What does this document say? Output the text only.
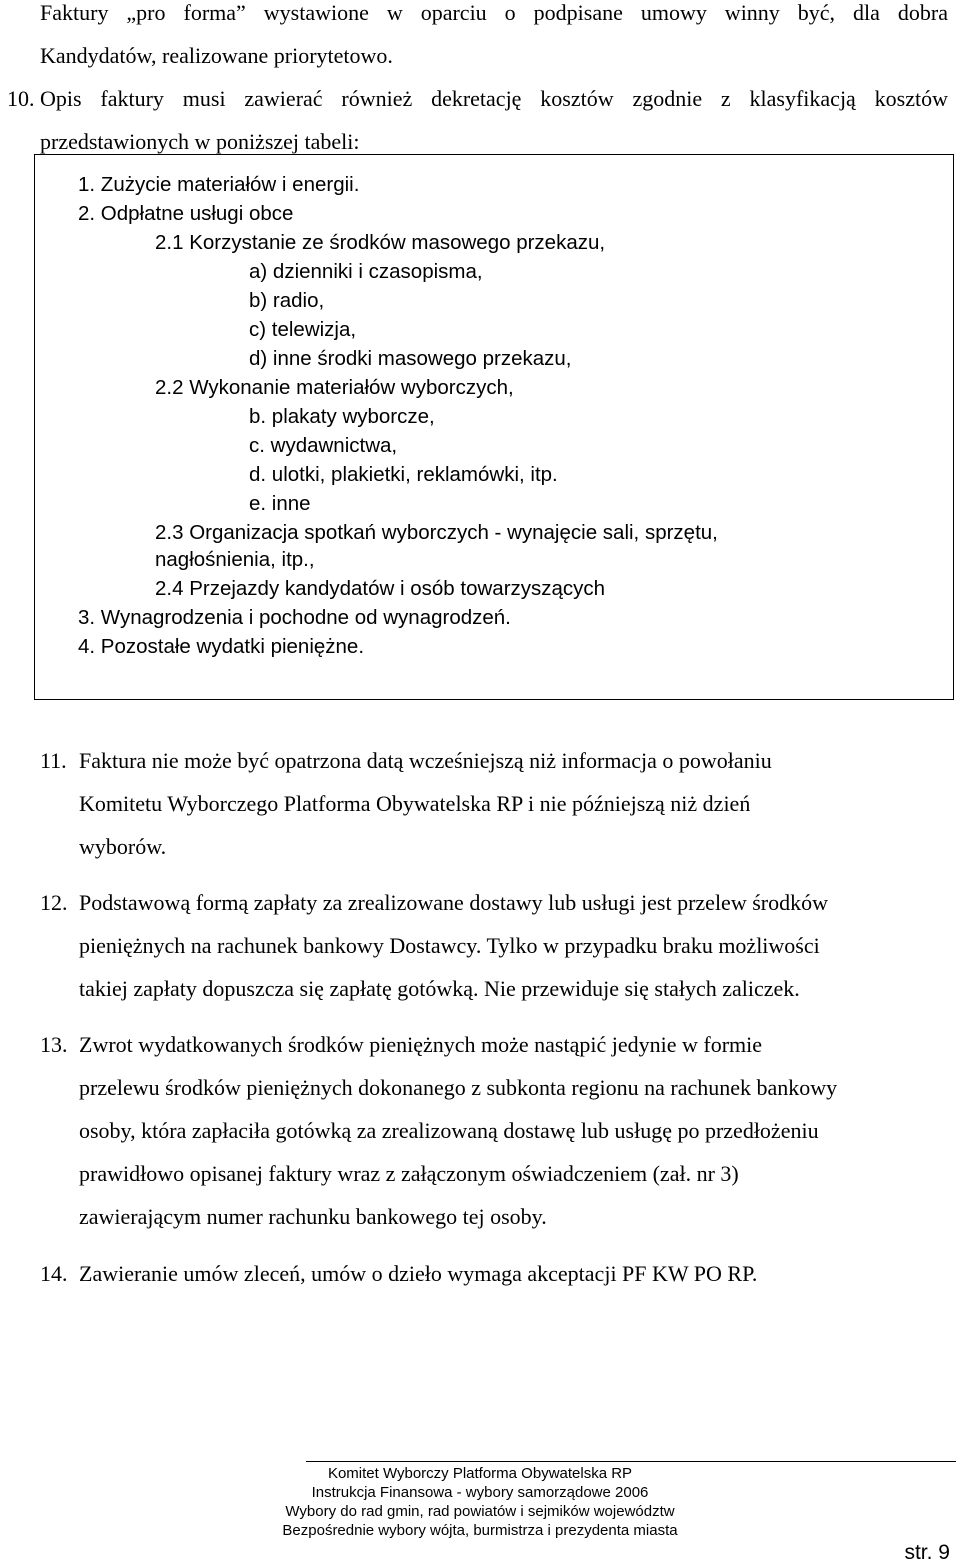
Faktury „pro forma” wystawione w oparciu o podpisane umowy winny być, dla dobra
Kandydatów, realizowane priorytetowo.
10. Opis faktury musi zawierać również dekretację kosztów zgodnie z klasyfikacją kosztów
przedstawionych w poniższej tabeli:
1. Zużycie materiałów i energii.
2. Odpłatne usługi obce
2.1 Korzystanie ze środków masowego przekazu,
a) dzienniki i czasopisma,
b) radio,
c) telewizja,
d) inne środki masowego przekazu,
2.2 Wykonanie materiałów wyborczych,
b. plakaty wyborcze,
c. wydawnictwa,
d. ulotki, plakietki, reklamówki, itp.
e. inne
2.3 Organizacja spotkań wyborczych - wynajęcie sali, sprzętu,
nagłośnienia, itp.,
2.4 Przejazdy kandydatów i osób towarzyszących
3. Wynagrodzenia i pochodne od wynagrodzeń.
4. Pozostałe wydatki pieniężne.
11. Faktura nie może być opatrzona datą wcześniejszą niż informacja o powołaniu
Komitetu Wyborczego Platforma Obywatelska RP i nie późniejszą niż dzień
wyborów.
12. Podstawową formą zapłaty za zrealizowane dostawy lub usługi jest przelew środków
pieniężnych na rachunek bankowy Dostawcy. Tylko w przypadku braku możliwości
takiej zapłaty dopuszcza się zapłatę gotówką. Nie przewiduje się stałych zaliczek.
13. Zwrot wydatkowanych środków pieniężnych może nastąpić jedynie w formie
przelewu środków pieniężnych dokonanego z subkonta regionu na rachunek bankowy
osoby, która zapłaciła gotówką za zrealizowaną dostawę lub usługę po przedłożeniu
prawidłowo opisanej faktury wraz z załączonym oświadczeniem (zał. nr 3)
zawierającym numer rachunku bankowego tej osoby.
14. Zawieranie umów zleceń, umów o dzieło wymaga akceptacji PF KW PO RP.
Komitet Wyborczy Platforma Obywatelska RP
Instrukcja Finansowa - wybory samorządowe 2006
Wybory do rad gmin, rad powiatów i sejmików województw
Bezpośrednie wybory wójta, burmistrza i prezydenta miasta
str. 9
